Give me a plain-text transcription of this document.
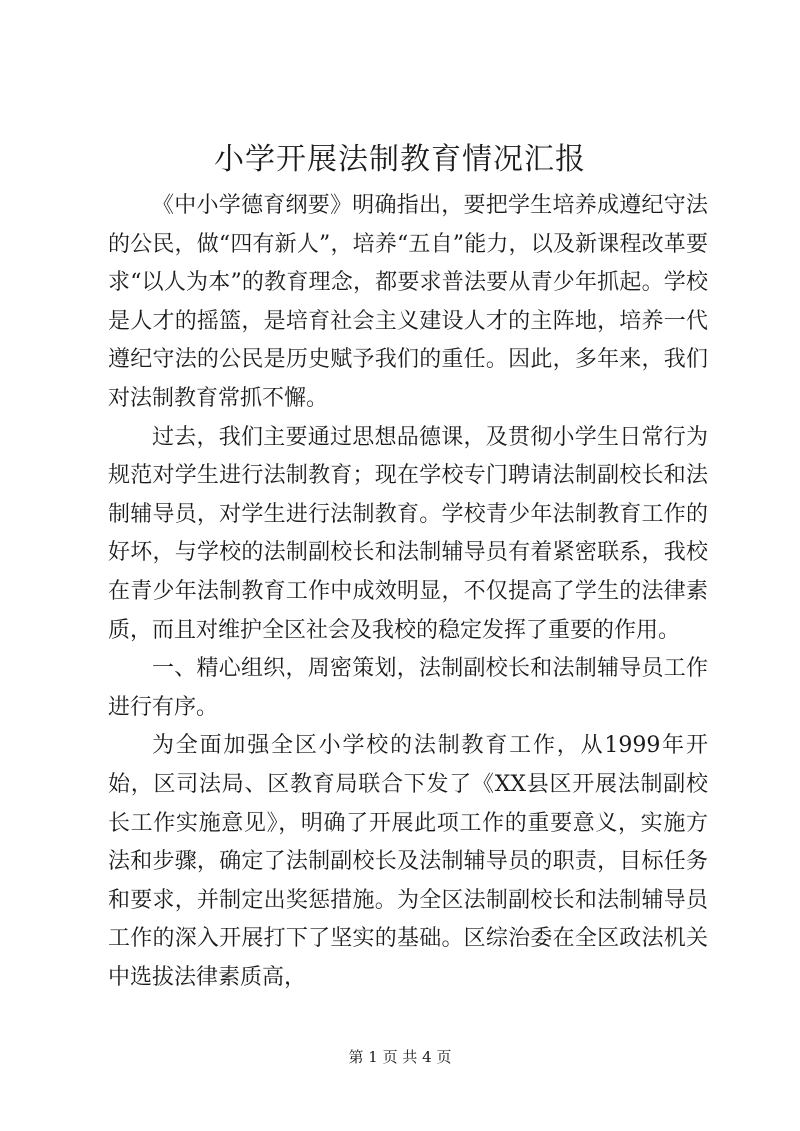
小学开展法制教育情况汇报

《中小学德育纲要》明确指出，要把学生培养成遵纪守法的公民，做“四有新人”，培养“五自”能力，以及新课程改革要求“以人为本”的教育理念，都要求普法要从青少年抓起。学校是人才的摇篮，是培育社会主义建设人才的主阵地，培养一代遵纪守法的公民是历史赋予我们的重任。因此，多年来，我们对法制教育常抓不懈。

过去，我们主要通过思想品德课，及贯彻小学生日常行为规范对学生进行法制教育；现在学校专门聘请法制副校长和法制辅导员，对学生进行法制教育。学校青少年法制教育工作的好坏，与学校的法制副校长和法制辅导员有着紧密联系，我校在青少年法制教育工作中成效明显，不仅提高了学生的法律素质，而且对维护全区社会及我校的稳定发挥了重要的作用。

一、精心组织，周密策划，法制副校长和法制辅导员工作进行有序。

为全面加强全区小学校的法制教育工作，从1999年开始，区司法局、区教育局联合下发了《XX县区开展法制副校长工作实施意见》，明确了开展此项工作的重要意义，实施方法和步骤，确定了法制副校长及法制辅导员的职责，目标任务和要求，并制定出奖惩措施。为全区法制副校长和法制辅导员工作的深入开展打下了坚实的基础。区综治委在全区政法机关中选拔法律素质高，

第 1 页 共 4 页
